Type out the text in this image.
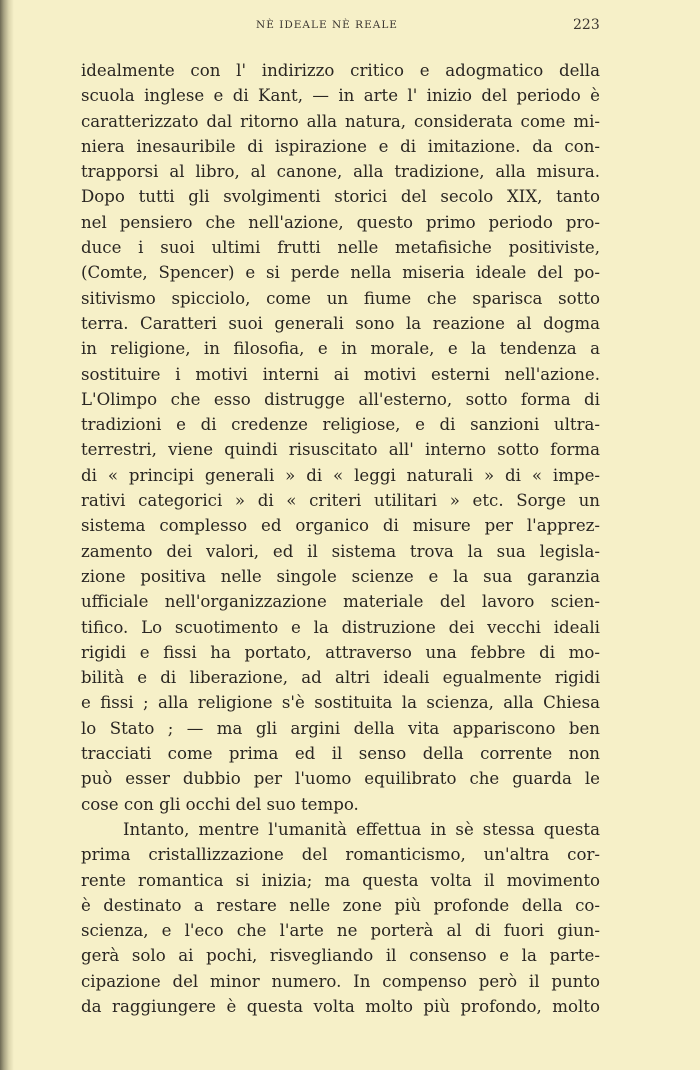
NÈ IDEALE NÈ REALE	223
idealmente con l' indirizzo critico e adogmatico della
scuola inglese e di Kant, — in arte l' inizio del periodo è
caratterizzato dal ritorno alla natura, considerata come mi-
niera inesauribile di ispirazione e di imitazione. da con-
trapporsi al libro, al canone, alla tradizione, alla misura.
Dopo tutti gli svolgimenti storici del secolo XIX, tanto
nel pensiero che nell'azione, questo primo periodo pro-
duce i suoi ultimi frutti nelle metafisiche positiviste,
(Comte, Spencer) e si perde nella miseria ideale del po-
sitivismo spicciolo, come un fiume che sparisca sotto
terra. Caratteri suoi generali sono la reazione al dogma
in religione, in filosofia, e in morale, e la tendenza a
sostituire i motivi interni ai motivi esterni nell'azione.
L'Olimpo che esso distrugge all'esterno, sotto forma di
tradizioni e di credenze religiose, e di sanzioni ultra-
terrestri, viene quindi risuscitato all' interno sotto forma
di « principi generali » di « leggi naturali » di « impe-
rativi categorici » di « criteri utilitari » etc. Sorge un
sistema complesso ed organico di misure per l'apprez-
zamento dei valori, ed il sistema trova la sua legisla-
zione positiva nelle singole scienze e la sua garanzia
ufficiale nell'organizzazione materiale del lavoro scien-
tifico. Lo scuotimento e la distruzione dei vecchi ideali
rigidi e fissi ha portato, attraverso una febbre di mo-
bilità e di liberazione, ad altri ideali egualmente rigidi
e fissi ; alla religione s'è sostituita la scienza, alla Chiesa
lo Stato ; — ma gli argini della vita appariscono ben
tracciati come prima ed il senso della corrente non
può esser dubbio per l'uomo equilibrato che guarda le
cose con gli occhi del suo tempo.
Intanto, mentre l'umanità effettua in sè stessa questa
prima cristallizzazione del romanticismo, un'altra cor-
rente romantica si inizia; ma questa volta il movimento
è destinato a restare nelle zone più profonde della co-
scienza, e l'eco che l'arte ne porterà al di fuori giun-
gerà solo ai pochi, risvegliando il consenso e la parte-
cipazione del minor numero. In compenso però il punto
da raggiungere è questa volta molto più profondo, molto
